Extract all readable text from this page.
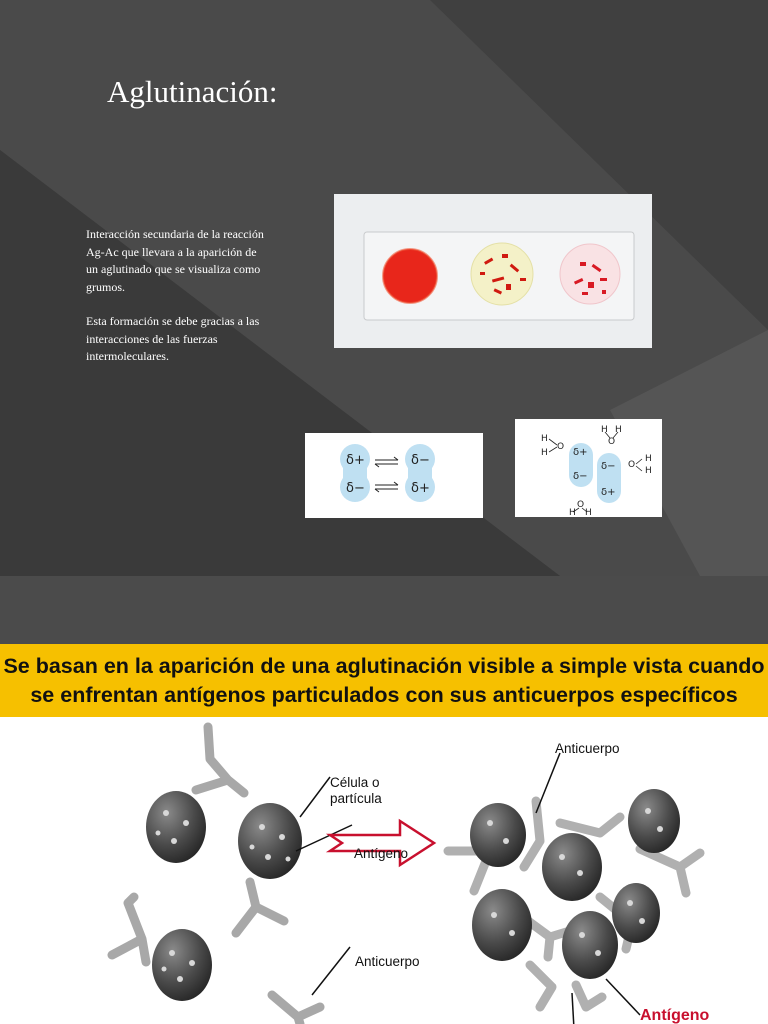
Aglutinación:

Interacción secundaria de la reacción Ag-Ac que llevara a la aparición de un aglutinado que se visualiza como grumos.

Esta formación se debe gracias a las interacciones de las fuerzas intermoleculares.

δ+
δ−
δ−
δ+
δ+
δ−
δ−
δ+
H
H
O
H H
O
O
H
H
O
H H
Se basan en la aparición de una aglutinación visible a simple vista cuando
se enfrentan antígenos particulados con sus anticuerpos específicos
Célula o
partícula
Antígeno
Anticuerpo
Anticuerpo
Antígeno
